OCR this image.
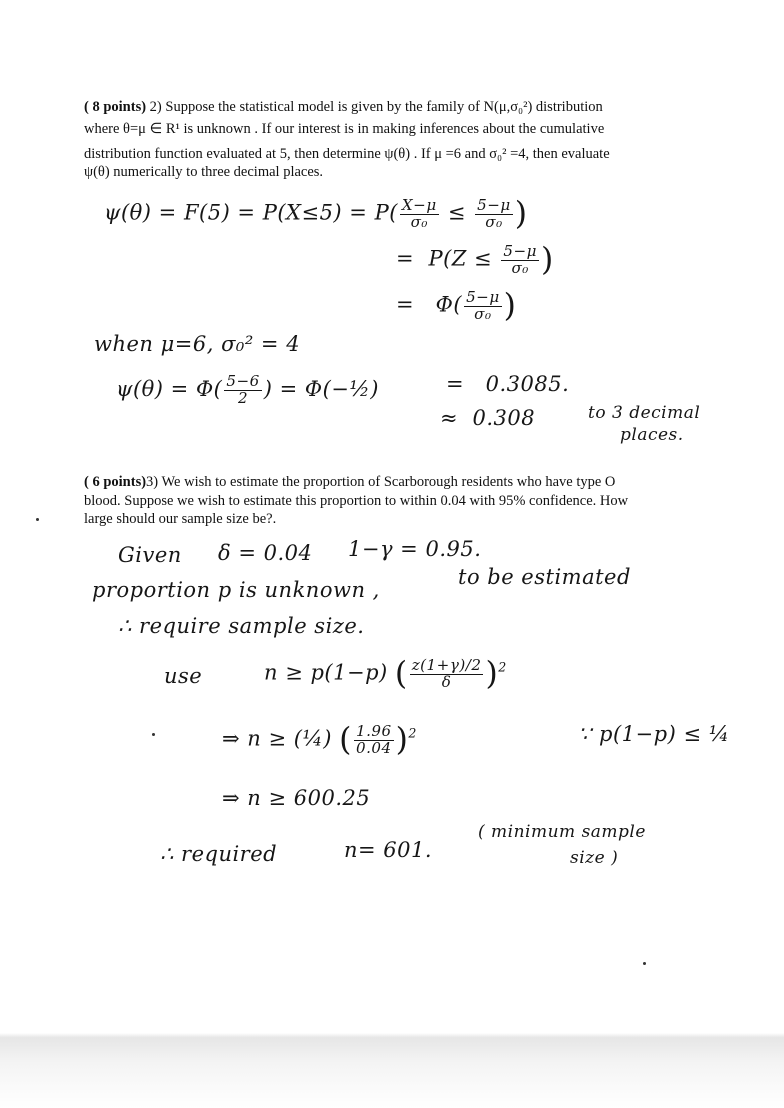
( 8 points) 2) Suppose the statistical model is given by the family of N(μ,σ₀²) distribution
where θ=μ ∈ R¹ is unknown . If our interest is in making inferences about the cumulative
distribution function evaluated at 5, then determine ψ(θ) . If μ =6 and σ₀² =4, then evaluate
ψ(θ) numerically to three decimal places.
$\psi(\theta) = F(5) = P(X\le 5) = P( \frac{X-\mu}{\text{σ₀}} \le \frac{5-\mu}{\text{σ₀}}$ )
= $P(Z \le \frac{5-\mu}{\text{σ₀}}$ )
= $\Phi( \frac{5-\mu}{\text{σ₀}}$ )
when μ=6, σ₀² = 4
$\psi(\theta) = \Phi( \frac{5-6}{2}$ ) = Φ(−½)	= 0.3085.
≈ 0.308	to 3 decimal
places.
( 6 points)3) We wish to estimate the proportion of Scarborough residents who have type O
blood. Suppose we wish to estimate this proportion to within 0.04 with 95% confidence. How
large should our sample size be?.
Given δ = 0.04 1−γ = 0.95.
proportion p is unknown ,
to be estimated
∴ require sample size.
use	n ≥ p(1−p) ( $\frac{z(1+\gamma)/2}{\delta} )^2$
⇒ n ≥ (¼) ( $\frac{1.96}{0.04} )^2$	∵ p(1−p) ≤ ¼
⇒ n ≥ 600.25
∴ required	n= 601.
( minimum sample
size )
